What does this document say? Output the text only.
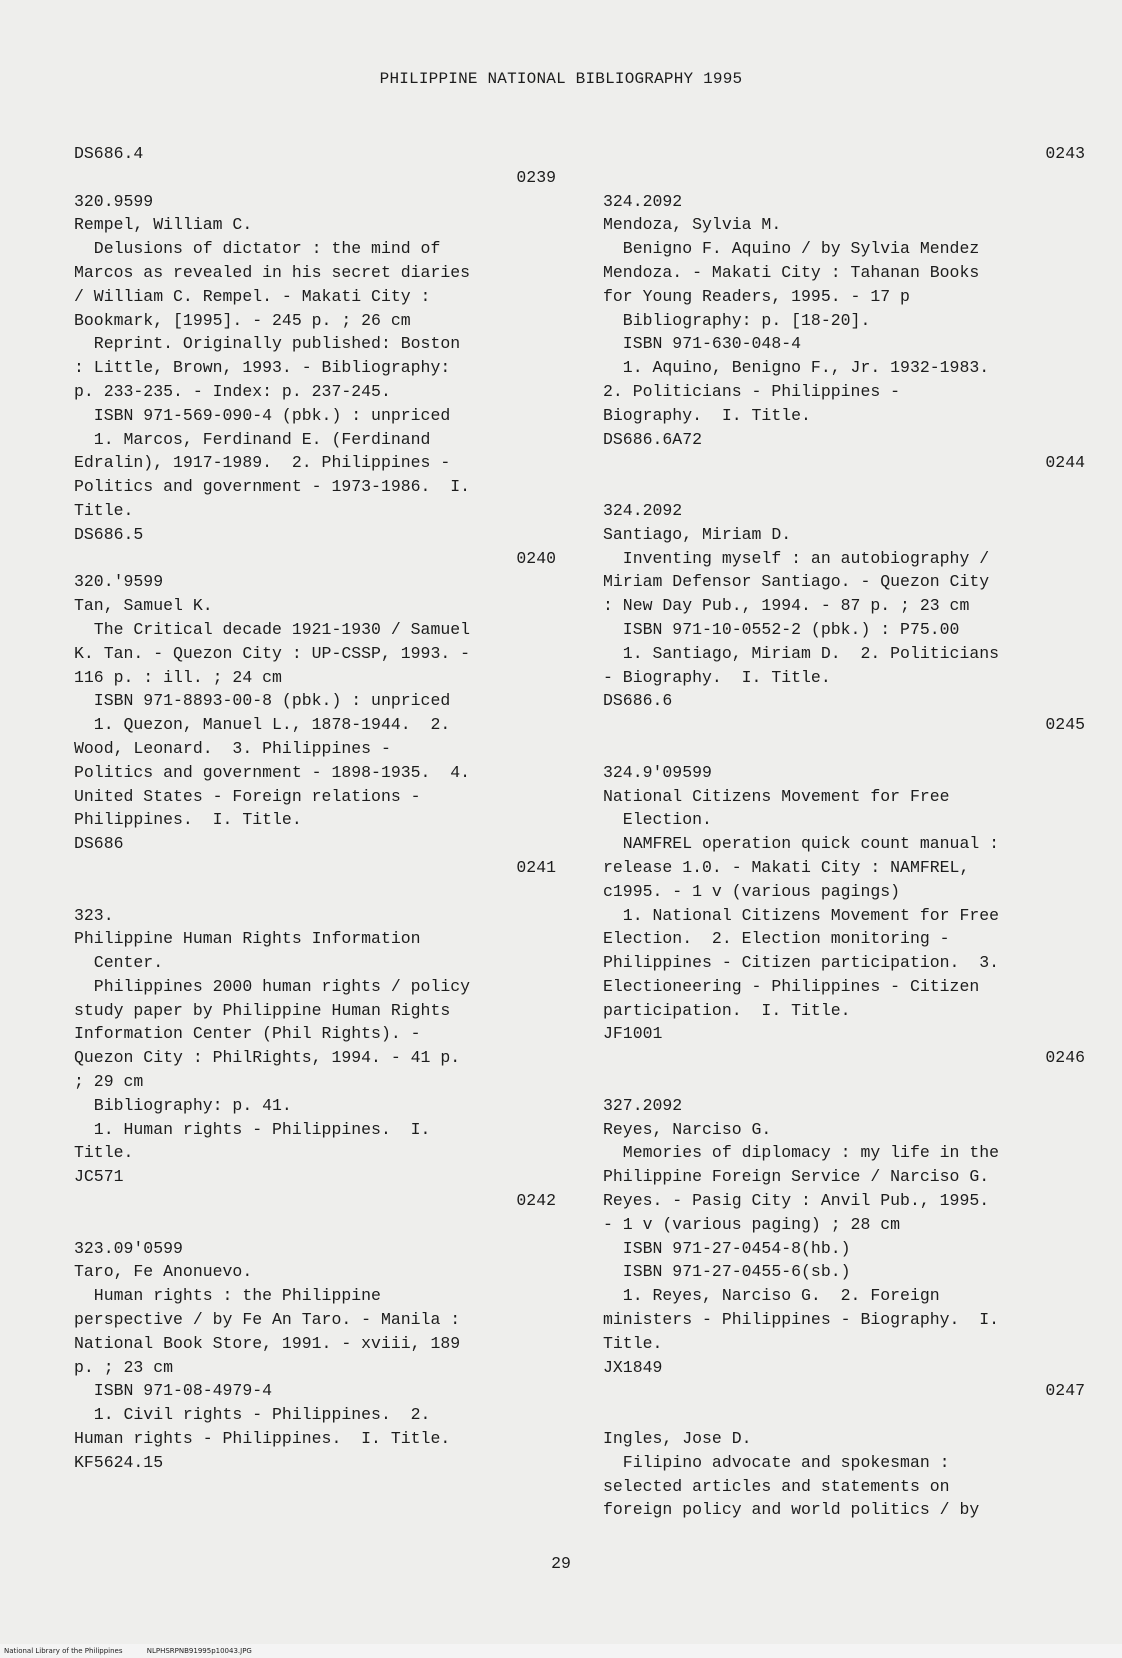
PHILIPPINE NATIONAL BIBLIOGRAPHY 1995
DS686.4
0239
320.9599
Rempel, William C.
Delusions of dictator : the mind of
Marcos as revealed in his secret diaries
/ William C. Rempel. - Makati City :
Bookmark, [1995]. - 245 p. ; 26 cm
Reprint. Originally published: Boston
: Little, Brown, 1993. - Bibliography:
p. 233-235. - Index: p. 237-245.
ISBN 971-569-090-4 (pbk.) : unpriced
1. Marcos, Ferdinand E. (Ferdinand
Edralin), 1917-1989.  2. Philippines -
Politics and government - 1973-1986.  I.
Title.
DS686.5
0240
320.'9599
Tan, Samuel K.
The Critical decade 1921-1930 / Samuel
K. Tan. - Quezon City : UP-CSSP, 1993. -
116 p. : ill. ; 24 cm
ISBN 971-8893-00-8 (pbk.) : unpriced
1. Quezon, Manuel L., 1878-1944.  2.
Wood, Leonard.  3. Philippines -
Politics and government - 1898-1935.  4.
United States - Foreign relations -
Philippines.  I. Title.
DS686
0241
323.
Philippine Human Rights Information
Center.
Philippines 2000 human rights / policy
study paper by Philippine Human Rights
Information Center (Phil Rights). -
Quezon City : PhilRights, 1994. - 41 p.
; 29 cm
Bibliography: p. 41.
1. Human rights - Philippines.  I.
Title.
JC571
0242
323.09'0599
Taro, Fe Anonuevo.
Human rights : the Philippine
perspective / by Fe An Taro. - Manila :
National Book Store, 1991. - xviii, 189
p. ; 23 cm
ISBN 971-08-4979-4
1. Civil rights - Philippines.  2.
Human rights - Philippines.  I. Title.
KF5624.15
0243
324.2092
Mendoza, Sylvia M.
Benigno F. Aquino / by Sylvia Mendez
Mendoza. - Makati City : Tahanan Books
for Young Readers, 1995. - 17 p
Bibliography: p. [18-20].
ISBN 971-630-048-4
1. Aquino, Benigno F., Jr. 1932-1983.
2. Politicians - Philippines -
Biography.  I. Title.
DS686.6A72
0244
324.2092
Santiago, Miriam D.
Inventing myself : an autobiography /
Miriam Defensor Santiago. - Quezon City
: New Day Pub., 1994. - 87 p. ; 23 cm
ISBN 971-10-0552-2 (pbk.) : P75.00
1. Santiago, Miriam D.  2. Politicians
- Biography.  I. Title.
DS686.6
0245
324.9'09599
National Citizens Movement for Free
Election.
NAMFREL operation quick count manual :
release 1.0. - Makati City : NAMFREL,
c1995. - 1 v (various pagings)
1. National Citizens Movement for Free
Election.  2. Election monitoring -
Philippines - Citizen participation.  3.
Electioneering - Philippines - Citizen
participation.  I. Title.
JF1001
0246
327.2092
Reyes, Narciso G.
Memories of diplomacy : my life in the
Philippine Foreign Service / Narciso G.
Reyes. - Pasig City : Anvil Pub., 1995.
- 1 v (various paging) ; 28 cm
ISBN 971-27-0454-8(hb.)
ISBN 971-27-0455-6(sb.)
1. Reyes, Narciso G.  2. Foreign
ministers - Philippines - Biography.  I.
Title.
JX1849
0247
Ingles, Jose D.
Filipino advocate and spokesman :
selected articles and statements on
foreign policy and world politics / by
29
National Library of the Philippines	NLPHSRPNB91995p10043.JPG
